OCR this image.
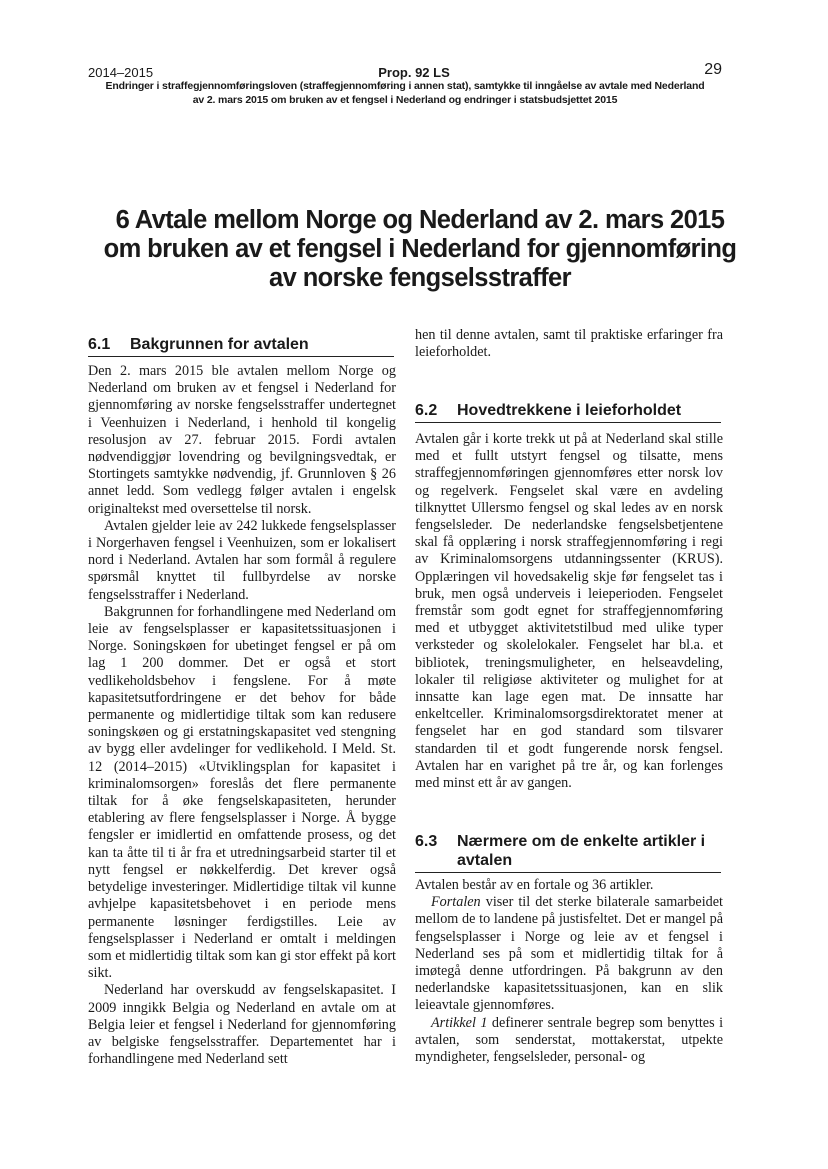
2014–2015	Prop. 92 LS	29
Endringer i straffegjennomføringsloven (straffegjennomføring i annen stat), samtykke til inngåelse av avtale med Nederland
av 2. mars 2015 om bruken av et fengsel i Nederland og endringer i statsbudsjettet 2015
6 Avtale mellom Norge og Nederland av 2. mars 2015 om bruken av et fengsel i Nederland for gjennomføring av norske fengselsstraffer
6.1 Bakgrunnen for avtalen

Den 2. mars 2015 ble avtalen mellom Norge og Nederland om bruken av et fengsel i Nederland for gjennomføring av norske fengselsstraffer undertegnet i Veenhuizen i Nederland, i henhold til kongelig resolusjon av 27. februar 2015. Fordi avtalen nødvendiggjør lovendring og bevilgningsvedtak, er Stortingets samtykke nødvendig, jf. Grunnloven § 26 annet ledd. Som vedlegg følger avtalen i engelsk originaltekst med oversettelse til norsk.

Avtalen gjelder leie av 242 lukkede fengselsplasser i Norgerhaven fengsel i Veenhuizen, som er lokalisert nord i Nederland. Avtalen har som formål å regulere spørsmål knyttet til fullbyrdelse av norske fengselsstraffer i Nederland.

Bakgrunnen for forhandlingene med Nederland om leie av fengselsplasser er kapasitetssituasjonen i Norge. Soningskøen for ubetinget fengsel er på om lag 1 200 dommer. Det er også et stort vedlikeholdsbehov i fengslene. For å møte kapasitetsutfordringene er det behov for både permanente og midlertidige tiltak som kan redusere soningskøen og gi erstatningskapasitet ved stengning av bygg eller avdelinger for vedlikehold. I Meld. St. 12 (2014–2015) «Utviklingsplan for kapasitet i kriminalomsorgen» foreslås det flere permanente tiltak for å øke fengselskapasiteten, herunder etablering av flere fengselsplasser i Norge. Å bygge fengsler er imidlertid en omfattende prosess, og det kan ta åtte til ti år fra et utredningsarbeid starter til et nytt fengsel er nøkkelferdig. Det krever også betydelige investeringer. Midlertidige tiltak vil kunne avhjelpe kapasitetsbehovet i en periode mens permanente løsninger ferdigstilles. Leie av fengselsplasser i Nederland er omtalt i meldingen som et midlertidig tiltak som kan gi stor effekt på kort sikt.

Nederland har overskudd av fengselskapasitet. I 2009 inngikk Belgia og Nederland en avtale om at Belgia leier et fengsel i Nederland for gjennomføring av belgiske fengselsstraffer. Departementet har i forhandlingene med Nederland sett

hen til denne avtalen, samt til praktiske erfaringer fra leieforholdet.

6.2 Hovedtrekkene i leieforholdet

Avtalen går i korte trekk ut på at Nederland skal stille med et fullt utstyrt fengsel og tilsatte, mens straffegjennomføringen gjennomføres etter norsk lov og regelverk. Fengselet skal være en avdeling tilknyttet Ullersmo fengsel og skal ledes av en norsk fengselsleder. De nederlandske fengselsbetjentene skal få opplæring i norsk straffegjennomføring i regi av Kriminalomsorgens utdanningssenter (KRUS). Opplæringen vil hovedsakelig skje før fengselet tas i bruk, men også underveis i leieperioden. Fengselet fremstår som godt egnet for straffegjennomføring med et utbygget aktivitetstilbud med ulike typer verksteder og skolelokaler. Fengselet har bl.a. et bibliotek, treningsmuligheter, en helseavdeling, lokaler til religiøse aktiviteter og mulighet for at innsatte kan lage egen mat. De innsatte har enkeltceller. Kriminalomsorgsdirektoratet mener at fengselet har en god standard som tilsvarer standarden til et godt fungerende norsk fengsel. Avtalen har en varighet på tre år, og kan forlenges med minst ett år av gangen.

6.3 Nærmere om de enkelte artikler i avtalen

Avtalen består av en fortale og 36 artikler.

Fortalen viser til det sterke bilaterale samarbeidet mellom de to landene på justisfeltet. Det er mangel på fengselsplasser i Norge og leie av et fengsel i Nederland ses på som et midlertidig tiltak for å imøtegå denne utfordringen. På bakgrunn av den nederlandske kapasitetssituasjonen, kan en slik leieavtale gjennomføres.

Artikkel 1 definerer sentrale begrep som benyttes i avtalen, som senderstat, mottakerstat, utpekte myndigheter, fengselsleder, personal- og
